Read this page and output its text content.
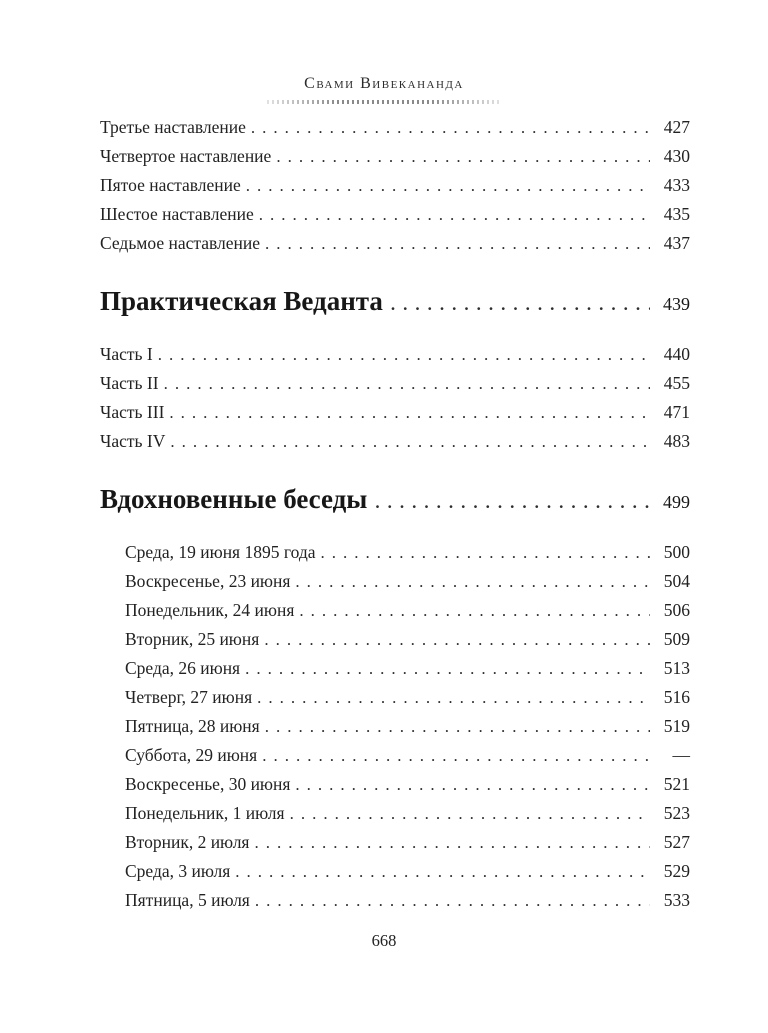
Свами Вивекананда
Третье наставление .....	427
Четвертое наставление .....	430
Пятое наставление .....	433
Шестое наставление .....	435
Седьмое наставление .....	437
Практическая Веданта .....	439
Часть I .....	440
Часть II .....	455
Часть III .....	471
Часть IV .....	483
Вдохновенные беседы .....	499
Среда, 19 июня 1895 года .....	500
Воскресенье, 23 июня .....	504
Понедельник, 24 июня .....	506
Вторник, 25 июня .....	509
Среда, 26 июня .....	513
Четверг, 27 июня .....	516
Пятница, 28 июня .....	519
Суббота, 29 июня .....	—
Воскресенье, 30 июня .....	521
Понедельник, 1 июля .....	523
Вторник, 2 июля .....	527
Среда, 3 июля .....	529
Пятница, 5 июля .....	533
668
